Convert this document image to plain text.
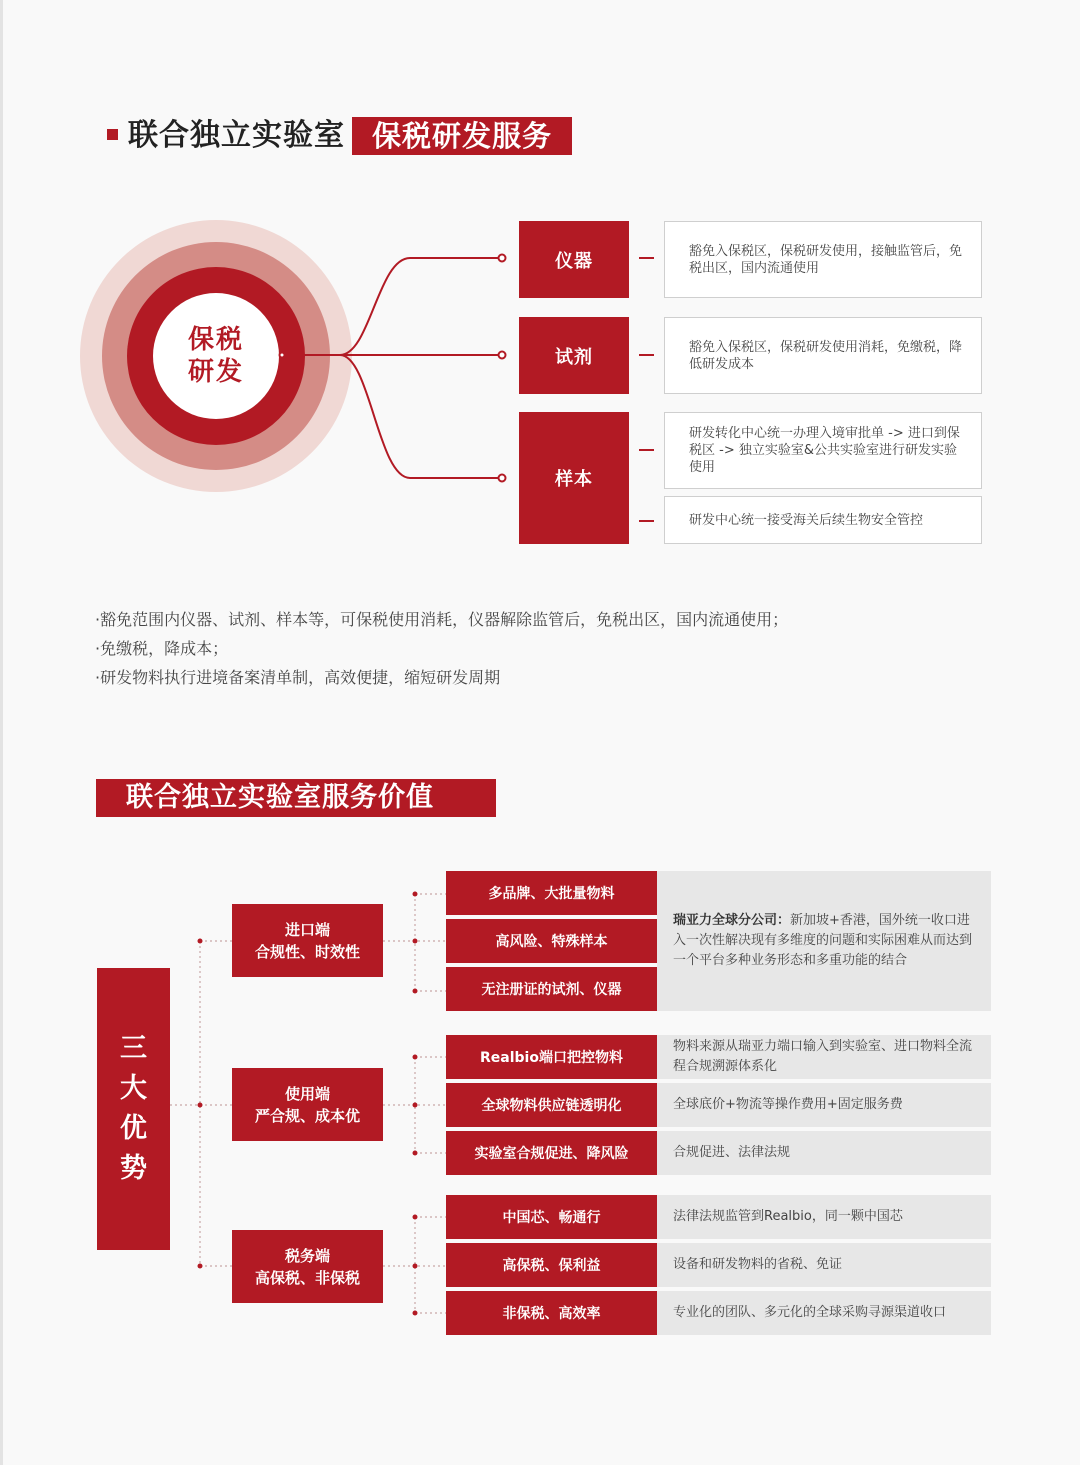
联合独立实验室 保税研发服务
保税
研发
仪器
试剂
样本
豁免入保税区，保税研发使用，接触监管后，免税出区，国内流通使用
豁免入保税区，保税研发使用消耗，免缴税，降低研发成本
研发转化中心统一办理入境审批单 -> 进口到保税区 -> 独立实验室&公共实验室进行研发实验使用
研发中心统一接受海关后续生物安全管控
·豁免范围内仪器、试剂、样本等，可保税使用消耗，仪器解除监管后，免税出区，国内流通使用；
·免缴税，降成本；
·研发物料执行进境备案清单制，高效便捷，缩短研发周期
联合独立实验室服务价值
三
大
优
势
进口端
合规性、时效性
使用端
严合规、成本优
税务端
高保税、非保税
多品牌、大批量物料
高风险、特殊样本
无注册证的试剂、仪器
瑞亚力全球分公司：新加坡+香港，国外统一收口进入一次性解决现有多维度的问题和实际困难从而达到一个平台多种业务形态和多重功能的结合
Realbio端口把控物料
全球物料供应链透明化
实验室合规促进、降风险
物料来源从瑞亚力端口输入到实验室、进口物料全流程合规溯源体系化
全球底价+物流等操作费用+固定服务费
合规促进、法律法规
中国芯、畅通行
高保税、保利益
非保税、高效率
法律法规监管到Realbio，同一颗中国芯
设备和研发物料的省税、免证
专业化的团队、多元化的全球采购寻源渠道收口
